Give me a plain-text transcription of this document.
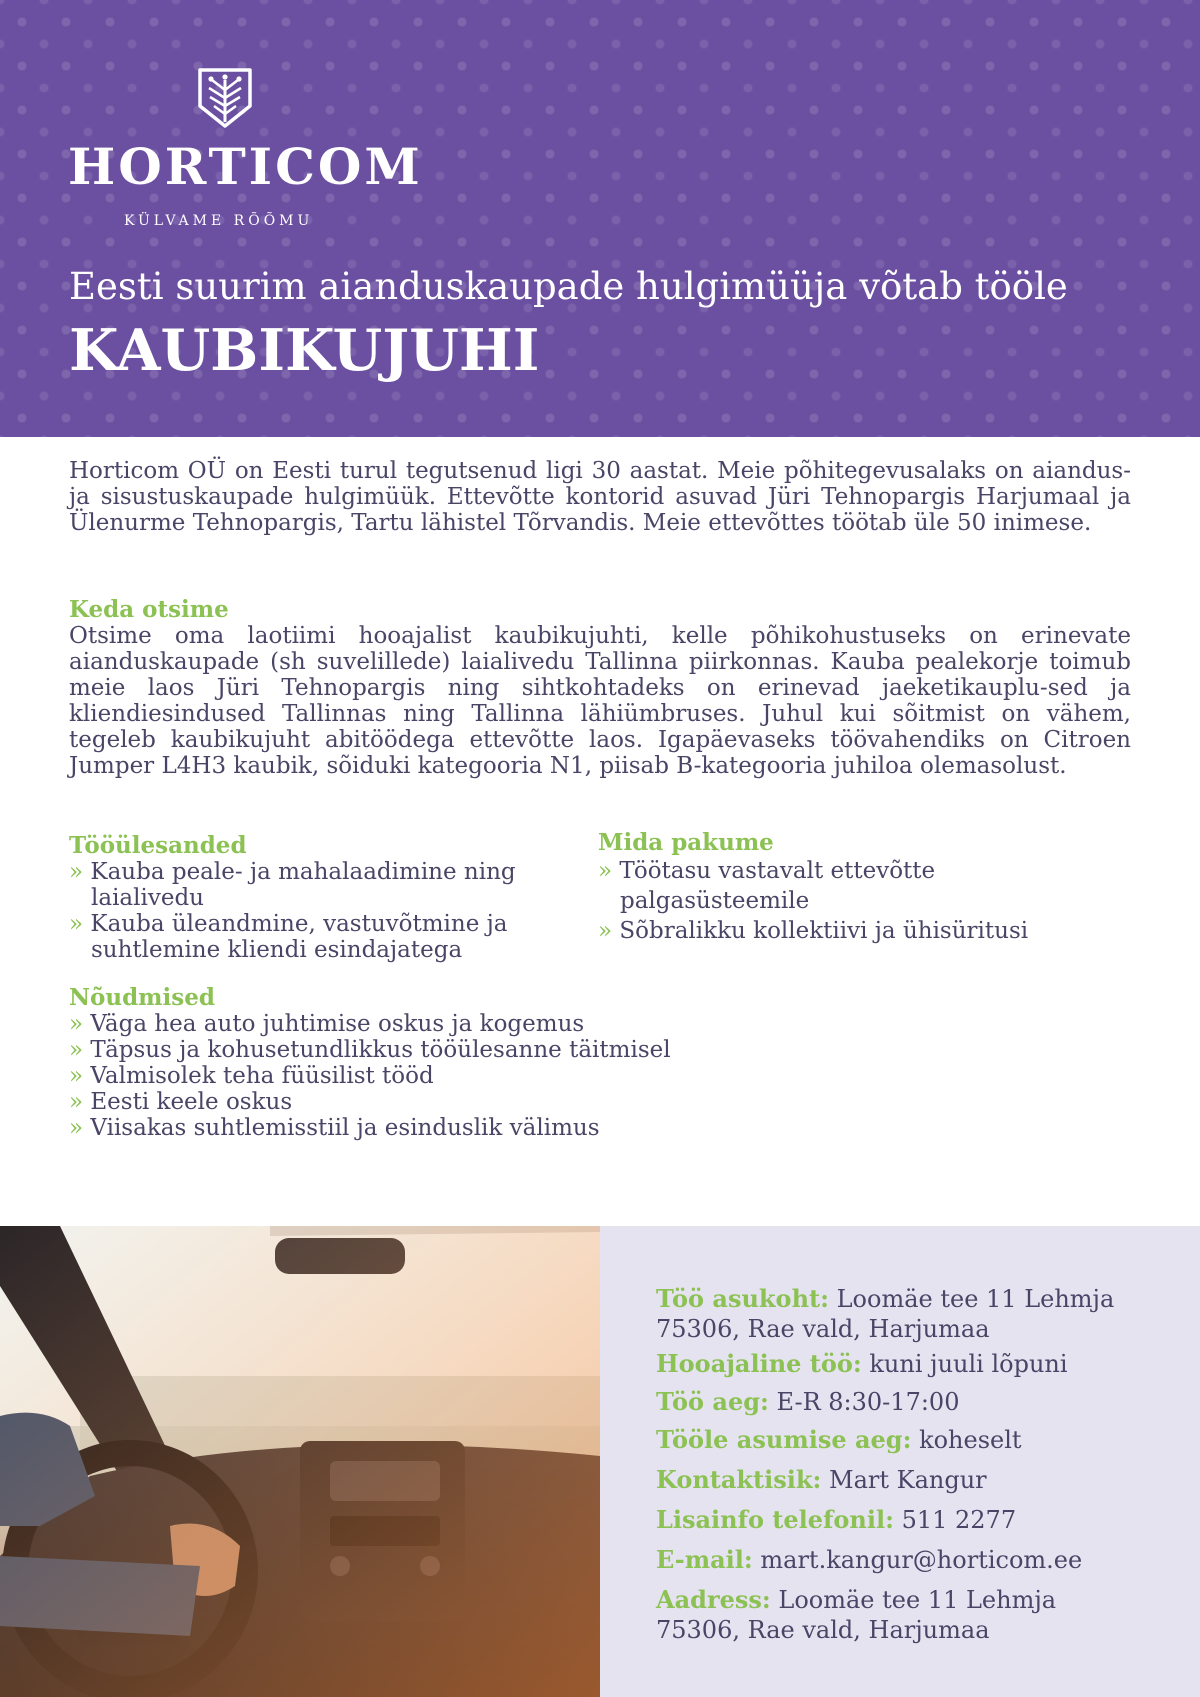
HORTICOM
KÜLVAME RÕÕMU
Eesti suurim aianduskaupade hulgimüüja võtab tööle
KAUBIKUJUHI

Horticom OÜ on Eesti turul tegutsenud ligi 30 aastat. Meie põhitegevusalaks on aiandus- ja sisustuskaupade hulgimüük. Ettevõtte kontorid asuvad Jüri Tehnopargis Harjumaal ja Ülenurme Tehnopargis, Tartu lähistel Tõrvandis. Meie ettevõttes töötab üle 50 inimese.

Keda otsime

Otsime oma laotiimi hooajalist kaubikujuhti, kelle põhikohustuseks on erinevate aianduskaupade (sh suvelillede) laialivedu Tallinna piirkonnas. Kauba pealekorje toimub meie laos Jüri Tehnopargis ning sihtkohtadeks on erinevad jaeketikauplu-sed ja kliendiesindused Tallinnas ning Tallinna lähiümbruses. Juhul kui sõitmist on vähem, tegeleb kaubikujuht abitöödega ettevõtte laos. Igapäevaseks töövahendiks on Citroen Jumper L4H3 kaubik, sõiduki kategooria N1, piisab B-kategooria juhiloa olemasolust.

Tööülesanded
» Kauba peale- ja mahalaadimine ning laialivedu
» Kauba üleandmine, vastuvõtmine ja suhtlemine kliendi esindajatega
Mida pakume
» Töötasu vastavalt ettevõtte palgasüsteemile
» Sõbralikku kollektiivi ja ühisüritusi
Nõudmised
» Väga hea auto juhtimise oskus ja kogemus
» Täpsus ja kohusetundlikkus tööülesanne täitmisel
» Valmisolek teha füüsilist tööd
» Eesti keele oskus
» Viisakas suhtlemisstiil ja esinduslik välimus

Töö asukoht: Loomäe tee 11 Lehmja 75306, Rae vald, Harjumaa

Hooajaline töö: kuni juuli lõpuni

Töö aeg: E-R 8:30-17:00

Tööle asumise aeg: koheselt

Kontaktisik: Mart Kangur

Lisainfo telefonil: 511 2277

E-mail: mart.kangur@horticom.ee

Aadress: Loomäe tee 11 Lehmja 75306, Rae vald, Harjumaa
